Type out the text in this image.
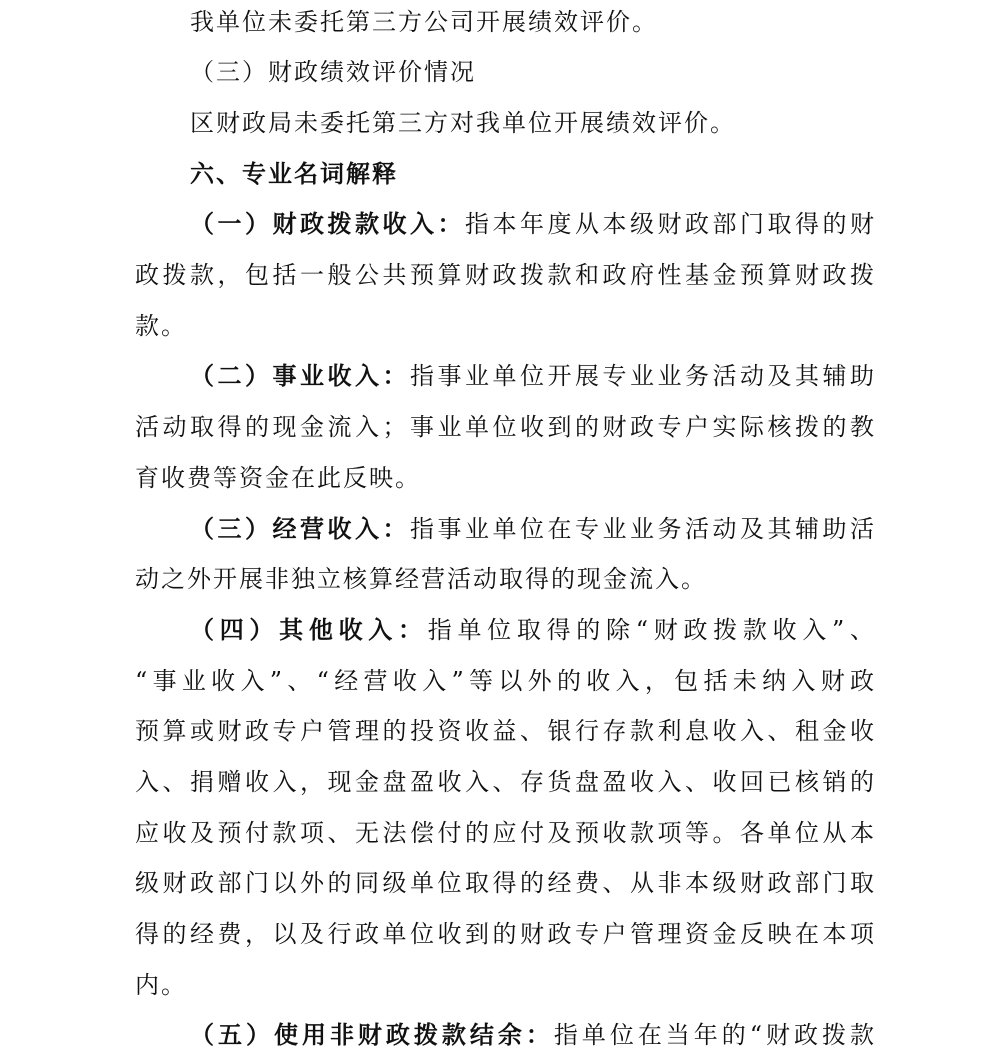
我单位未委托第三方公司开展绩效评价。
（三）财政绩效评价情况
区财政局未委托第三方对我单位开展绩效评价。
六、专业名词解释
（一）财政拨款收入：指本年度从本级财政部门取得的财
政拨款，包括一般公共预算财政拨款和政府性基金预算财政拨
款。
（二）事业收入：指事业单位开展专业业务活动及其辅助
活动取得的现金流入；事业单位收到的财政专户实际核拨的教
育收费等资金在此反映。
（三）经营收入：指事业单位在专业业务活动及其辅助活
动之外开展非独立核算经营活动取得的现金流入。
（四）其他收入：指单位取得的除“财政拨款收入”、
“事业收入”、“经营收入”等以外的收入，包括未纳入财政
预算或财政专户管理的投资收益、银行存款利息收入、租金收
入、捐赠收入，现金盘盈收入、存货盘盈收入、收回已核销的
应收及预付款项、无法偿付的应付及预收款项等。各单位从本
级财政部门以外的同级单位取得的经费、从非本级财政部门取
得的经费，以及行政单位收到的财政专户管理资金反映在本项
内。
（五）使用非财政拨款结余：指单位在当年的“财政拨款
